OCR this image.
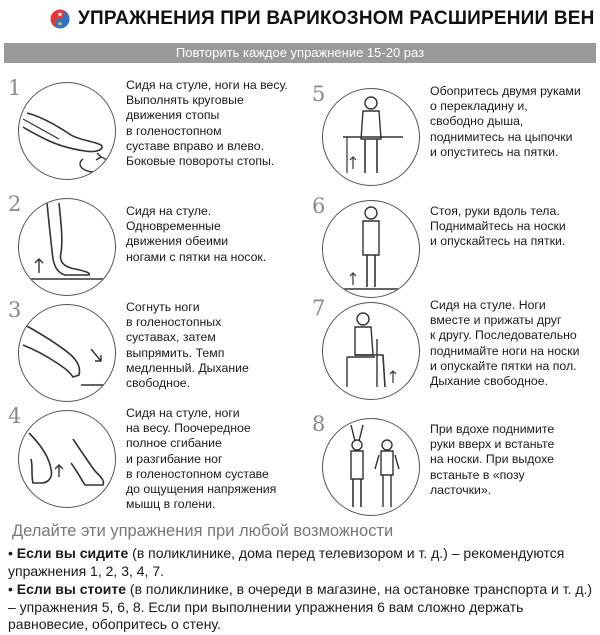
УПРАЖНЕНИЯ ПРИ ВАРИКОЗНОМ РАСШИРЕНИИ ВЕН
Повторить каждое упражнение 15-20 раз
1	Сидя на стуле, ноги на весу.
Выполнять круговые
движения стопы
в голеностопном
суставе вправо и влево.
Боковые повороты стопы.
2	Сидя на стуле.
Одновременные
движения обеими
ногами с пятки на носок.
3	Согнуть ноги
в голеностопных
суставах, затем
выпрямить. Темп
медленный. Дыхание
свободное.
4	Сидя на стуле, ноги
на весу. Поочередное
полное сгибание
и разгибание ног
в голеностопном суставе
до ощущения напряжения
мышц в голени.
5	Обопритесь двумя руками
о перекладину и,
свободно дыша,
поднимитесь на цыпочки
и опуститесь на пятки.
6	Стоя, руки вдоль тела.
Поднимайтесь на носки
и опускайтесь на пятки.
7	Сидя на стуле. Ноги
вместе и прижаты друг
к другу. Последовательно
поднимайте ноги на носки
и опускайте пятки на пол.
Дыхание свободное.
8	При вдохе поднимите
руки вверх и встаньте
на носки. При выдохе
встаньте в «позу
ласточки».
Делайте эти упражнения при любой возможности
• Если вы сидите (в поликлинике, дома перед телевизором и т. д.) – рекомендуются упражнения 1, 2, 3, 4, 7.
• Если вы стоите (в поликлинике, в очереди в магазине, на остановке транспорта и т. д.) – упражнения 5, 6, 8. Если при выполнении упражнения 6 вам сложно держать равновесие, обопритесь о стену.
